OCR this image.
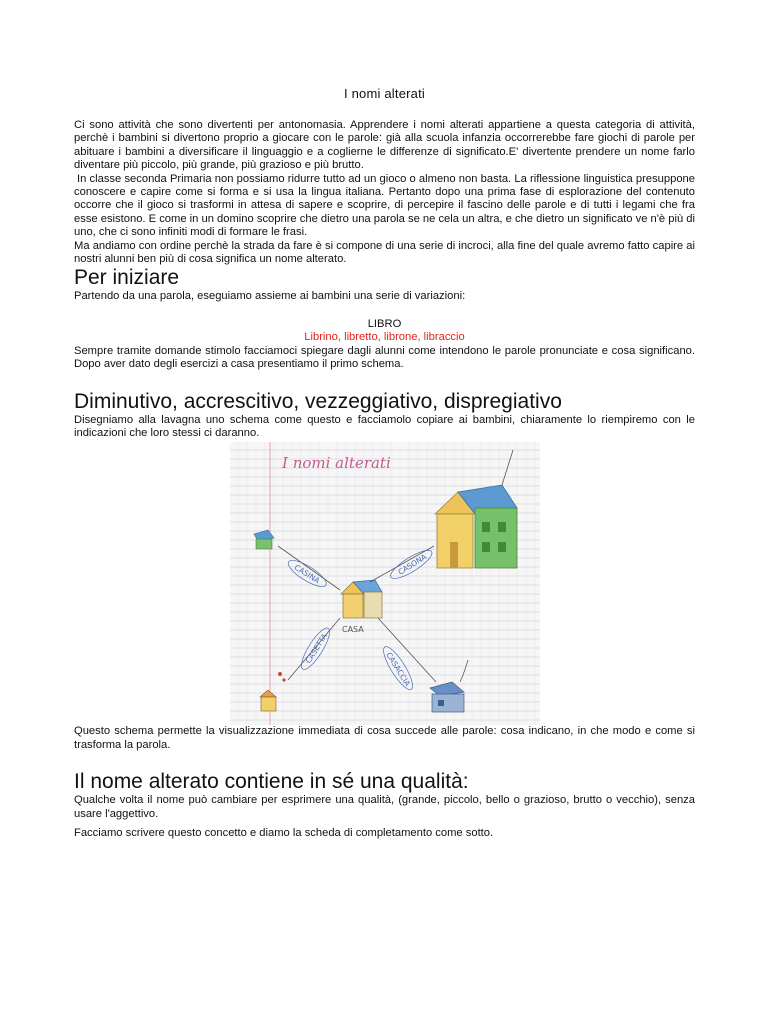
I nomi alterati

Ci sono attività che sono divertenti per antonomasia. Apprendere i nomi alterati appartiene a questa categoria di attività, perchè i bambini si divertono proprio a giocare con le parole: già alla scuola infanzia occorrerebbe fare giochi di parole per abituare i bambini a diversificare il linguaggio e a coglierne le differenze di significato.E' divertente prendere un nome farlo diventare più piccolo, più grande, più grazioso e più brutto.

In classe seconda Primaria non possiamo ridurre tutto ad un gioco o almeno non basta. La riflessione linguistica presuppone conoscere e capire come si forma e si usa la lingua italiana. Pertanto dopo una prima fase di esplorazione del contenuto occorre che il gioco si trasformi in attesa di sapere e scoprire, di percepire il fascino delle parole e di tutti i legami che fra esse esistono. E come in un domino scoprire che dietro una parola se ne cela un altra, e che dietro un significato ve n'è più di uno, che ci sono infiniti modi di formare le frasi.

Ma andiamo con ordine perchè la strada da fare è si compone di una serie di incroci, alla fine del quale avremo fatto capire ai nostri alunni ben più di cosa significa un nome alterato.

Per iniziare

Partendo da una parola, eseguiamo assieme ai bambini una serie di variazioni:

LIBRO

Librino, libretto, librone, libraccio

Sempre tramite domande stimolo facciamoci spiegare dagli alunni come intendono le parole pronunciate e cosa significano. Dopo aver dato degli esercizi a casa presentiamo il primo schema.

Diminutivo, accrescitivo, vezzeggiativo, dispregiativo

Disegniamo alla lavagna uno schema come questo e facciamolo copiare ai bambini, chiaramente lo riempiremo con le indicazioni che loro stessi ci daranno.

I nomi alterati
CASA
CASINA	CASONA
CASETTA
CASACCIA

Questo schema permette la visualizzazione immediata di cosa succede alle parole: cosa indicano, in che modo e come si trasforma la parola.

Il nome alterato contiene in sé una qualità:

Qualche volta il nome può cambiare per esprimere una qualità, (grande, piccolo, bello o grazioso, brutto o vecchio), senza usare l'aggettivo.

Facciamo scrivere questo concetto e diamo la scheda di completamento come sotto.
